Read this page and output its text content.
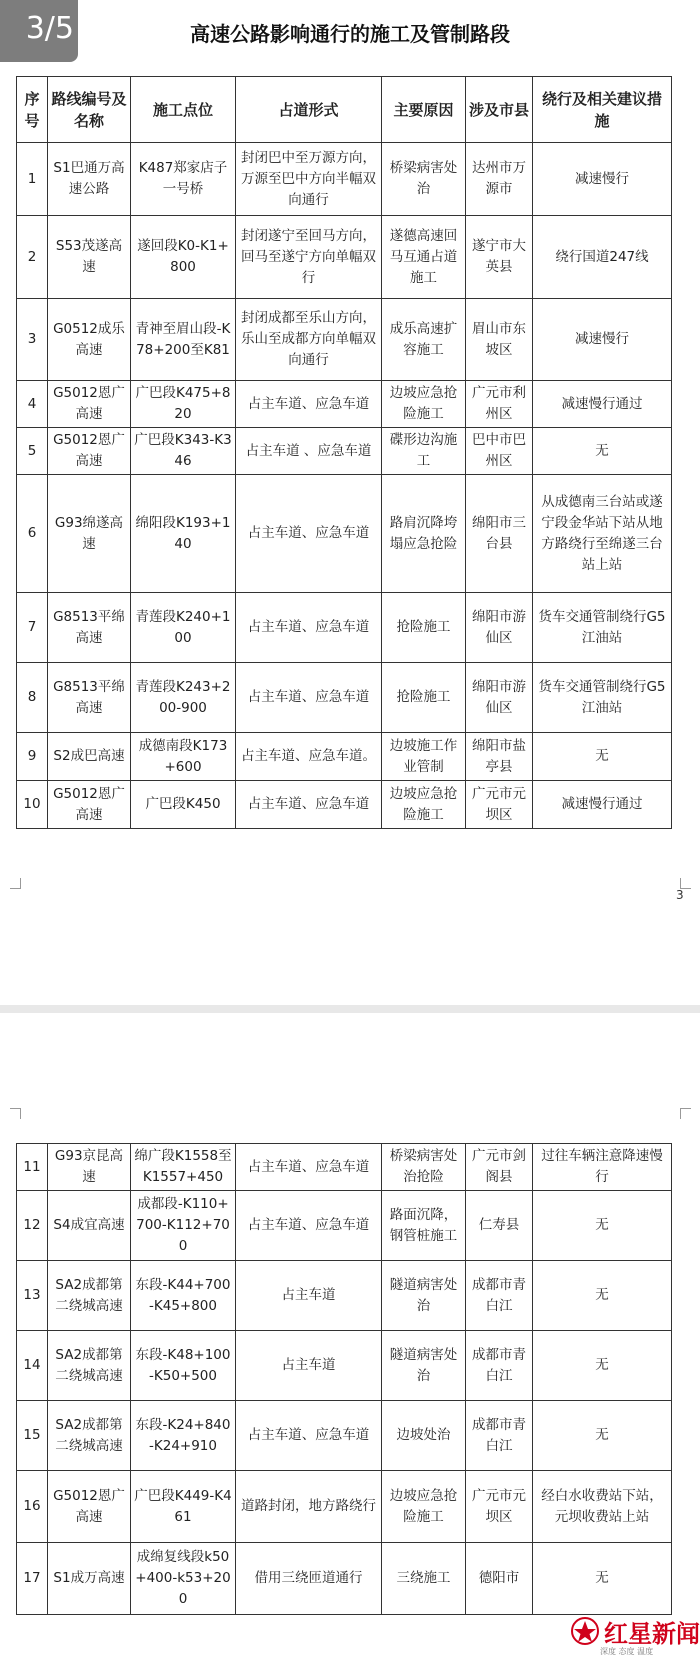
3/5	高速公路影响通行的施工及管制路段
序号	路线编号及名称	施工点位	占道形式	主要原因	涉及市县	绕行及相关建议措施
1	S1巴通万高速公路	K487郑家店子一号桥	封闭巴中至万源方向，万源至巴中方向半幅双向通行	桥梁病害处治	达州市万源市	减速慢行
2	S53茂遂高速	遂回段K0-K1+800	封闭遂宁至回马方向，回马至遂宁方向单幅双行	遂德高速回马互通占道施工	遂宁市大英县	绕行国道247线
3	G0512成乐高速	青神至眉山段-K78+200至K81	封闭成都至乐山方向，乐山至成都方向单幅双向通行	成乐高速扩容施工	眉山市东坡区	减速慢行
4	G5012恩广高速	广巴段K475+820	占主车道、应急车道	边坡应急抢险施工	广元市利州区	减速慢行通过
5	G5012恩广高速	广巴段K343-K346	占主车道 、应急车道	碟形边沟施工	巴中市巴州区	无
6	G93绵遂高速	绵阳段K193+140	占主车道、应急车道	路肩沉降垮塌应急抢险	绵阳市三台县	从成德南三台站或遂宁段金华站下站从地方路绕行至绵遂三台站上站
7	G8513平绵高速	青莲段K240+100	占主车道、应急车道	抢险施工	绵阳市游仙区	货车交通管制绕行G5江油站
8	G8513平绵高速	青莲段K243+200-900	占主车道、应急车道	抢险施工	绵阳市游仙区	货车交通管制绕行G5江油站
9	S2成巴高速	成德南段K173+600	占主车道、应急车道。	边坡施工作业管制	绵阳市盐亭县	无
10	G5012恩广高速	广巴段K450	占主车道、应急车道	边坡应急抢险施工	广元市元坝区	减速慢行通过
3
11	G93京昆高速	绵广段K1558至K1557+450	占主车道、应急车道	桥梁病害处治抢险	广元市剑阁县	过往车辆注意降速慢行
12	S4成宜高速	成都段-K110+700-K112+700	占主车道、应急车道	路面沉降，钢管桩施工	仁寿县	无
13	SA2成都第二绕城高速	东段-K44+700-K45+800	占主车道	隧道病害处治	成都市青白江	无
14	SA2成都第二绕城高速	东段-K48+100-K50+500	占主车道	隧道病害处治	成都市青白江	无
15	SA2成都第二绕城高速	东段-K24+840-K24+910	占主车道、应急车道	边坡处治	成都市青白江	无
16	G5012恩广高速	广巴段K449-K461	道路封闭，地方路绕行	边坡应急抢险施工	广元市元坝区	经白水收费站下站，元坝收费站上站
17	S1成万高速	成绵复线段k50+400-k53+200	借用三绕匝道通行	三绕施工	德阳市	无
红星新闻
深度 态度 温度
